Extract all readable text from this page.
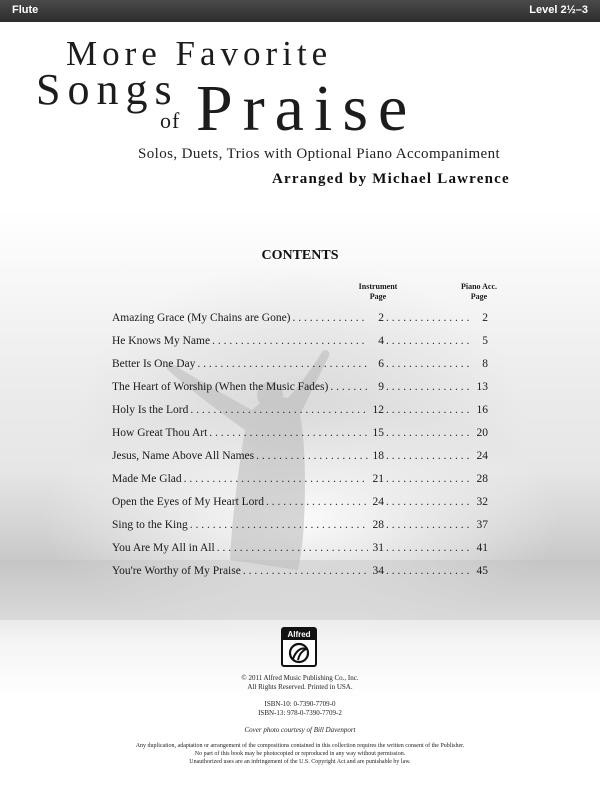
Flute	Level 2½–3
More Favorite
Songs
of Praise
Solos, Duets, Trios with Optional Piano Accompaniment
Arranged by Michael Lawrence
CONTENTS
Instrument
Page
Piano Acc.
Page
Amazing Grace (My Chains are Gone) . . .	2 . . .	2
He Knows My Name . . .	4 . . .	5
Better Is One Day . . .	6 . . .	8
The Heart of Worship (When the Music Fades) . . .	9 . . .	13
Holy Is the Lord . . .	12 . . .	16
How Great Thou Art . . .	15 . . .	20
Jesus, Name Above All Names . . .	18 . . .	24
Made Me Glad . . .	21 . . .	28
Open the Eyes of My Heart Lord . . .	24 . . .	32
Sing to the King . . .	28 . . .	37
You Are My All in All . . .	31 . . .	41
You're Worthy of My Praise . . .	34 . . .	45
Alfred
© 2011 Alfred Music Publishing Co., Inc.
All Rights Reserved. Printed in USA.
ISBN-10: 0-7390-7709-0
ISBN-13: 978-0-7390-7709-2
Cover photo courtesy of Bill Davenport
Any duplication, adaptation or arrangement of the compositions contained in this collection requires the written consent of the Publisher.
No part of this book may be photocopied or reproduced in any way without permission.
Unauthorized uses are an infringement of the U.S. Copyright Act and are punishable by law.
